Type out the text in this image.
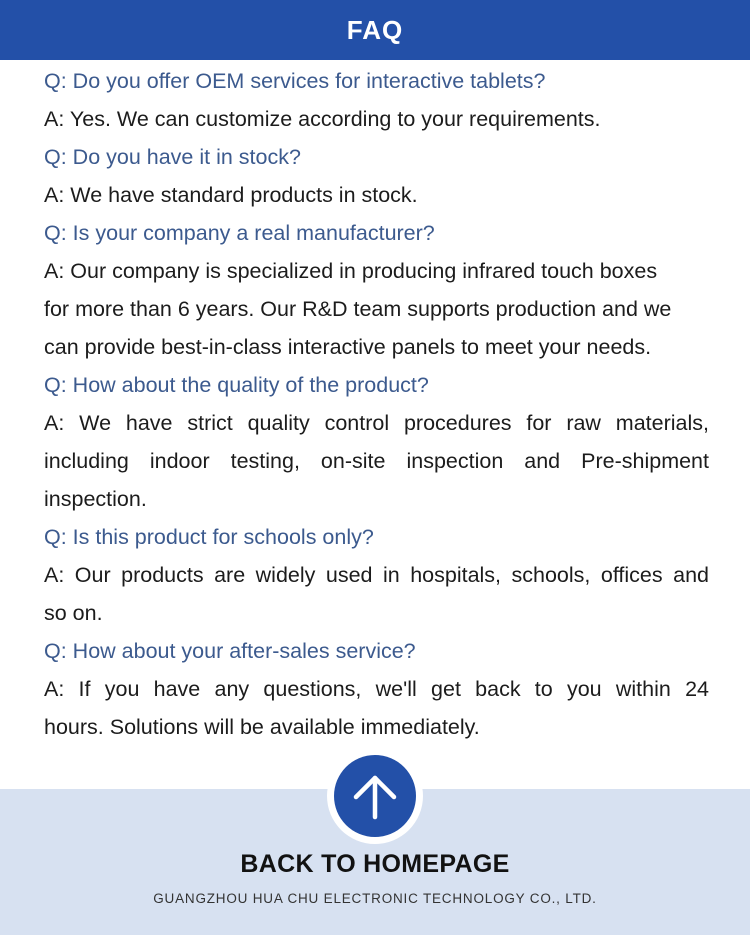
FAQ
Q: Do you offer OEM services for interactive tablets?
A: Yes. We can customize according to your requirements.
Q: Do you have it in stock?
A: We have standard products in stock.
Q: Is your company a real manufacturer?
A: Our company is specialized in producing infrared touch boxes
for more than 6 years. Our R&D team supports production and we
can provide best-in-class interactive panels to meet your needs.
Q: How about the quality of the product?
A: We have strict quality control procedures for raw materials,
including indoor testing, on-site inspection and Pre-shipment
inspection.
Q: Is this product for schools only?
A: Our products are widely used in hospitals, schools, offices and
so on.
Q: How about your after-sales service?
A: If you have any questions, we'll get back to you within 24
hours. Solutions will be available immediately.
BACK TO HOMEPAGE
GUANGZHOU HUA CHU ELECTRONIC TECHNOLOGY CO., LTD.
